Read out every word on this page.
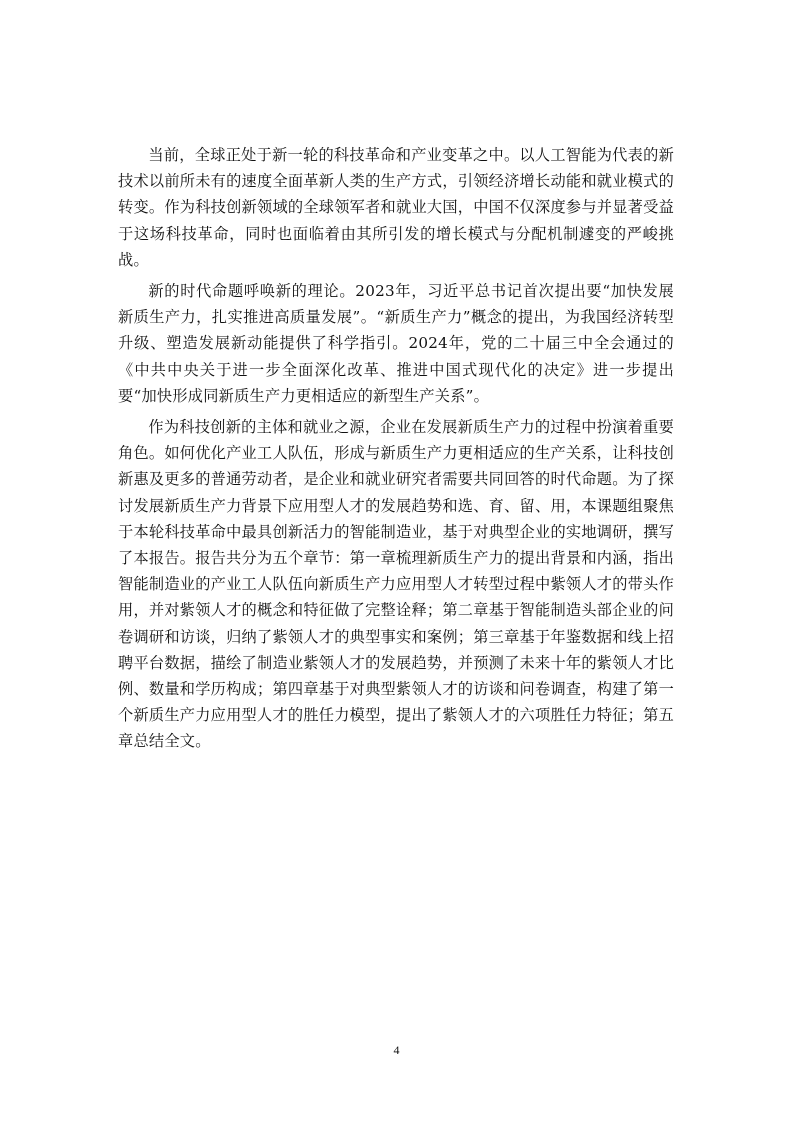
当前，全球正处于新一轮的科技革命和产业变革之中。以人工智能为代表的新技术以前所未有的速度全面革新人类的生产方式，引领经济增长动能和就业模式的转变。作为科技创新领域的全球领军者和就业大国，中国不仅深度参与并显著受益于这场科技革命，同时也面临着由其所引发的增长模式与分配机制遽变的严峻挑战。

新的时代命题呼唤新的理论。2023年，习近平总书记首次提出要“加快发展新质生产力，扎实推进高质量发展”。“新质生产力”概念的提出，为我国经济转型升级、塑造发展新动能提供了科学指引。2024年，党的二十届三中全会通过的《中共中央关于进一步全面深化改革、推进中国式现代化的决定》进一步提出要“加快形成同新质生产力更相适应的新型生产关系”。

作为科技创新的主体和就业之源，企业在发展新质生产力的过程中扮演着重要角色。如何优化产业工人队伍，形成与新质生产力更相适应的生产关系，让科技创新惠及更多的普通劳动者，是企业和就业研究者需要共同回答的时代命题。为了探讨发展新质生产力背景下应用型人才的发展趋势和选、育、留、用，本课题组聚焦于本轮科技革命中最具创新活力的智能制造业，基于对典型企业的实地调研，撰写了本报告。报告共分为五个章节：第一章梳理新质生产力的提出背景和内涵，指出智能制造业的产业工人队伍向新质生产力应用型人才转型过程中紫领人才的带头作用，并对紫领人才的概念和特征做了完整诠释；第二章基于智能制造头部企业的问卷调研和访谈，归纳了紫领人才的典型事实和案例；第三章基于年鉴数据和线上招聘平台数据，描绘了制造业紫领人才的发展趋势，并预测了未来十年的紫领人才比例、数量和学历构成；第四章基于对典型紫领人才的访谈和问卷调查，构建了第一个新质生产力应用型人才的胜任力模型，提出了紫领人才的六项胜任力特征；第五章总结全文。

4
